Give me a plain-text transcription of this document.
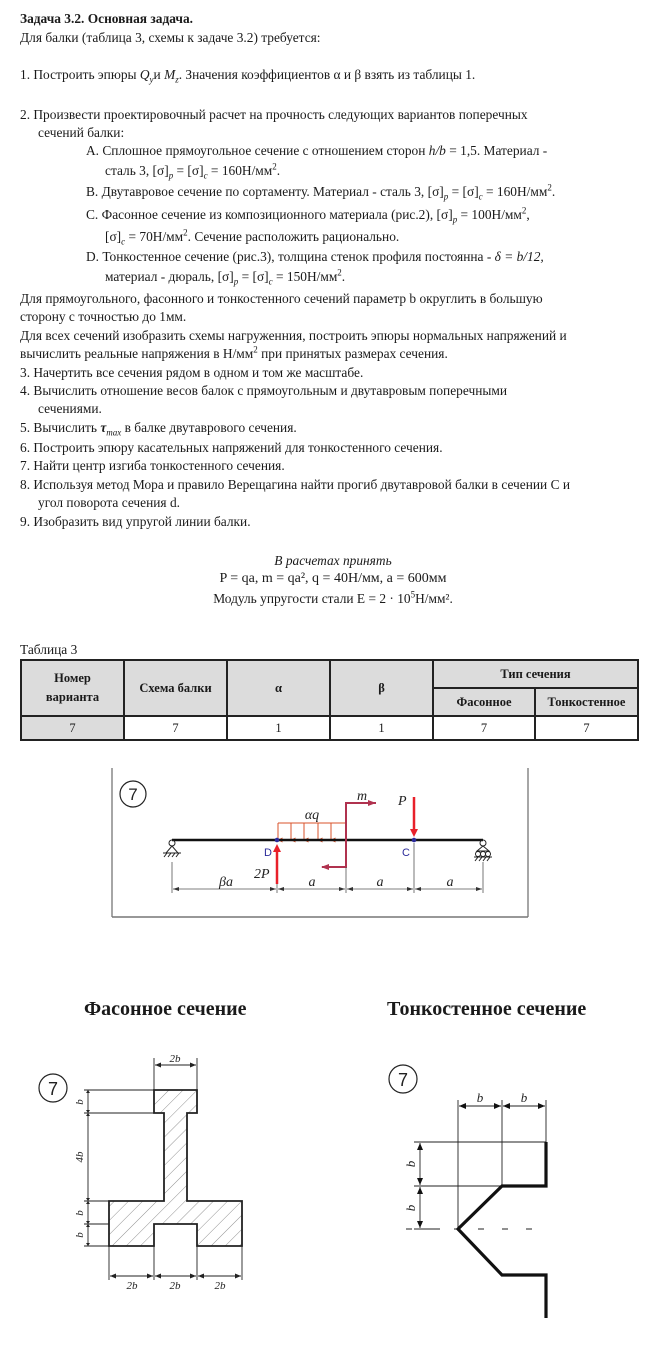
Задача 3.2. Основная задача.
Для балки (таблица 3, схемы к задаче 3.2) требуется:
1. Построить эпюры $Q_yи$ $M_z$. Значения коэффициентов α и β взять из таблицы 1.
2. Произвести проектировочный расчет на прочность следующих вариантов поперечных
сечений балки:
A. Сплошное прямоугольное сечение с отношением сторон h/b = 1,5. Материал -
сталь 3, $[\sigma]_p = [\sigma]_c = 160Н/мм^2$.
B. Двутавровое сечение по сортаменту. Материал - сталь 3, $[\sigma]_p = [\sigma]_c = 160Н/мм^2$.
C. Фасонное сечение из композиционного материала (рис.2), $[\sigma]_p = 100Н/мм^2$,
$[\sigma]_c = 70Н/мм^2$. Сечение расположить рационально.
D. Тонкостенное сечение (рис.3), толщина стенок профиля постоянна - δ = b/12,
материал - дюраль, $[\sigma]_p = [\sigma]_c = 150Н/мм^2$.
Для прямоугольного, фасонного и тонкостенного сечений параметр b округлить в большую
сторону с точностью до 1мм.
Для всех сечений изобразить схемы нагруженния, построить эпюры нормальных напряжений и
вычислить реальные напряжения в $Н/мм^2$ при принятых размерах сечения.
3. Начертить все сечения рядом в одном и том же масштабе.
4. Вычислить отношение весов балок с прямоугольным и двутавровым поперечными
сечениями.
5. Вычислить $\tau_{max}$ в балке двутаврового сечения.
6. Построить эпюру касательных напряжений для тонкостенного сечения.
7. Найти центр изгиба тонкостенного сечения.
8. Используя метод Мора и правило Верещагина найти прогиб двутавровой балки в сечении C и
угол поворота сечения d.
9. Изобразить вид упругой линии балки.
В расчетах принять
P = qa, m = qa², q = 40Н/мм, a = 600мм
Модуль упругости стали $E = 2 \cdot 10^5Н$/мм².
Таблица 3
Номер
варианта	Схема балки	α	β	Тип сечения	
				Фасонное	Тонкостенное
7	7	1	1	7	7
7
αq
m P
2P
D	C
βa	a	a	a
Фасонное сечение	Тонкостенное сечение
7
2b
2b	2b	2b
b
4b
b
b
7
b	b
b
b
